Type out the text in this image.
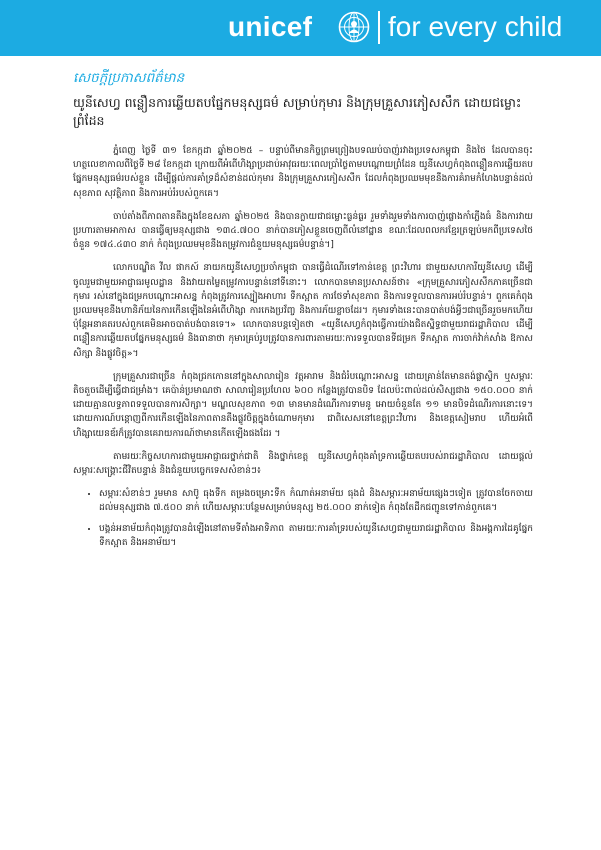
unicef	for every child

សេចក្តីប្រកាសព័ត៌មាន

យូនីសេហ្វ ពន្លឿនការឆ្លើយតបផ្នែកមនុស្សធម៌ សម្រាប់កុមារ និងក្រុមគ្រួសារភៀសសឹក ដោយជម្លោះព្រំដែន

ភ្នំពេញ ថ្ងៃទី ៣១ ខែកក្កដា ឆ្នាំ២០២៥ – បន្ទាប់ពីមានកិច្ចព្រមព្រៀងបទឈប់បាញ់រវាងប្រទេសកម្ពុជា និងថៃ ដែលបានចុះហត្ថលេខាកាលពីថ្ងៃទី ២៨ ខែកក្កដា ក្រោយពីអំពើហិង្សាប្រដាប់អាវុធរយៈពេលប្រាំថ្ងៃតាមបណ្តោយព្រំដែន យូនីសេហ្វកំពុងពន្លឿនការឆ្លើយតបផ្នែកមនុស្សធម៌របស់ខ្លួន ដើម្បីផ្តល់ការគាំទ្រដ៏សំខាន់ដល់កុមារ និងក្រុមគ្រួសារភៀសសឹក ដែលកំពុងប្រឈមមុខនឹងការគំរាមកំហែងបន្ទាន់ដល់សុខភាព សុវត្ថិភាព និងការអប់រំរបស់ពួកគេ។

ចាប់តាំងពីភាពតានតឹងក្នុងខែឧសភា ឆ្នាំ២០២៥ និងបានក្លាយជាជម្លោះធ្ងន់ធ្ងរ រួមទាំងរួមទាំងការបាញ់ផ្លោងកាំភ្លើងធំ និងការវាយប្រហារតាមអាកាស បានធ្វើឲ្យមនុស្សជាង ១៣៤.៧០០ នាក់បានភៀសខ្លួនចេញពីលំនៅដ្ឋាន ខណៈដែលពលករខ្មែរត្រឡប់មកពីប្រទេសថៃចំនួន ១៧៤.៤៣០ នាក់ កំពុងប្រឈមមុខនឹងតម្រូវការជំនួយមនុស្សធម៌បន្ទាន់។]

លោកបណ្ឌិត វីល ផាកស៍ នាយកយូនីសេហ្វប្រចាំកម្ពុជា បានធ្វើដំណើរទៅកាន់ខេត្ត ព្រះវិហារ ជាមួយសហការីយូនីសេហ្វ ដើម្បីចូលរួមជាមួយអាជ្ញាធរមូលដ្ឋាន និងវាយតម្លៃតម្រូវការបន្ទាន់នៅទីនោះ។ លោកបានមានប្រសាសន៍ថា៖ «ក្រុមគ្រួសារភៀសសឹកភាគច្រើនជាកុមារ រស់នៅក្នុងជម្រកបណ្តោះអាសន្ន កំពុងត្រូវការស្បៀងអាហារ ទឹកស្អាត ការថែទាំសុខភាព និងការទទួលបានការអប់រំបន្ទាន់។ ពួកគេកំពុងប្រឈមមុខនឹងហានិភ័យនៃការកើនឡើងនៃអំពើហិង្សា ការកេងប្រវ័ញ្ច និងការភ័យខ្លាចដែរ។ កុមារទាំងនេះបានបាត់បង់អ្វីៗជាច្រើនរួចមកហើយ ប៉ុន្តែអនាគតរបស់ពួកគេមិនអាចបាត់បង់បានទេ។» លោកបានបន្តទៀតថា «យូនីសេហ្វកំពុងធ្វើការយ៉ាងជិតស្និទ្ធជាមួយរាជរដ្ឋាភិបាល ដើម្បីពន្លឿនការឆ្លើយតបផ្នែកមនុស្សធម៌ និងធានាថា កុមារគ្រប់រូបត្រូវបានការពារតាមរយៈការទទួលបានទីជម្រក ទឹកស្អាត ការចាក់វ៉ាក់សាំង ឱកាសសិក្សា និងផ្លូវចិត្ត»។

ក្រុមគ្រួសារជាច្រើន កំពុងជ្រកកោននៅក្នុងសាលារៀន វត្តអារាម និងជំរំបណ្តោះអាសន្ន ដោយគ្រាន់តែមានតង់ផ្លាស្ទិក ឬសម្ភារៈតិចតួចដើម្បីធ្វើជាជម្រាំង។ គេប៉ាន់ប្រមាណថា សាលារៀនប្រហែល ៦០០ កន្លែងត្រូវបានបិទ ដែលប៉ះពាល់ដល់សិស្សជាង ១៥០.០០០ នាក់ ដោយគ្មានលទ្ធភាពទទួលបានការសិក្សា។ មណ្ឌលសុខភាព ១៣ មានមានដំណើរការទាមនូ អោយចំនួនតែ ១១ មានបិទដំណើរការនោះទេ។ ដោយការណ៍បន្តោញពីការកើនឡើងនៃភាពតានតឹងផ្លូវចិត្តក្នុងចំណោមកុមារ ជាពិសេសនៅខេត្តព្រះវិហារ និងខេត្តសៀមរាប ហើយអំពើហិង្សាយេនឌ័រក៏ត្រូវបានគេរាយការណ៍ថាមានកើតឡើងផងដែរ ។

តាមរយៈកិច្ចសហការជាមួយអាជ្ញាធរថ្នាក់ជាតិ និងថ្នាក់ខេត្ត យូនីសេហ្វកំពុងគាំទ្រការឆ្លើយតបរបស់រាជរដ្ឋាភិបាល ដោយផ្តល់សម្ភារៈសង្គ្រោះជីវិតបន្ទាន់ និងជំនួយបច្ចេកទេសសំខាន់ៗ៖

• សម្ភារៈសំខាន់ៗ រួមមាន សាប៊ូ ធុងទឹក តម្រងចម្រោះទឹក កំណាត់អនាម័យ ធុងដំ និងសម្ភារៈអនាម័យផ្សេងៗទៀត ត្រូវបានចែកចាយដល់មនុស្សជាង ៧.៥០០ នាក់ ហើយសម្ភារៈបន្ថែមសម្រាប់មនុស្ស ២៥.០០០ នាក់ទៀត កំពុងតែដឹកជញ្ជូនទៅកាន់ពួកគេ។
• បង្គន់អនាម័យកំពុងត្រូវបានដំឡើងនៅតាមទីតាំងអាទិភាព តាមរយៈការគាំទ្ររបស់យូនីសេហ្វជាមួយរាជរដ្ឋាភិបាល និងអង្គការដៃគូផ្នែកទឹកស្អាត និងអនាម័យ។
